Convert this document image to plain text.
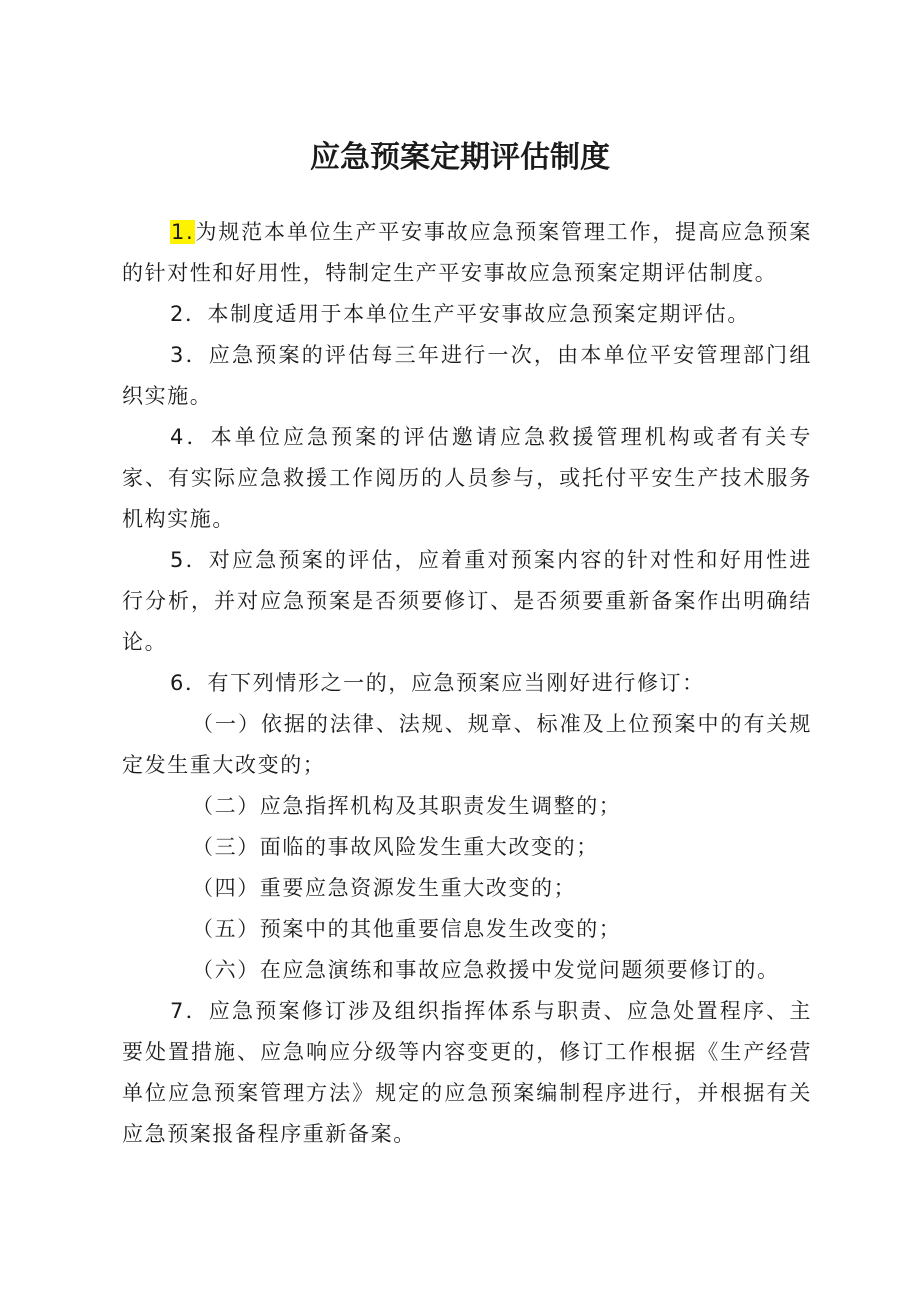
应急预案定期评估制度

1.为规范本单位生产平安事故应急预案管理工作，提高应急预案的针对性和好用性，特制定生产平安事故应急预案定期评估制度。

2．本制度适用于本单位生产平安事故应急预案定期评估。

3．应急预案的评估每三年进行一次，由本单位平安管理部门组织实施。

4．本单位应急预案的评估邀请应急救援管理机构或者有关专家、有实际应急救援工作阅历的人员参与，或托付平安生产技术服务机构实施。

5．对应急预案的评估，应着重对预案内容的针对性和好用性进行分析，并对应急预案是否须要修订、是否须要重新备案作出明确结论。

6．有下列情形之一的，应急预案应当刚好进行修订：

（一）依据的法律、法规、规章、标准及上位预案中的有关规定发生重大改变的；

（二）应急指挥机构及其职责发生调整的；

（三）面临的事故风险发生重大改变的；

（四）重要应急资源发生重大改变的；

（五）预案中的其他重要信息发生改变的；

（六）在应急演练和事故应急救援中发觉问题须要修订的。

7．应急预案修订涉及组织指挥体系与职责、应急处置程序、主要处置措施、应急响应分级等内容变更的，修订工作根据《生产经营单位应急预案管理方法》规定的应急预案编制程序进行，并根据有关应急预案报备程序重新备案。
